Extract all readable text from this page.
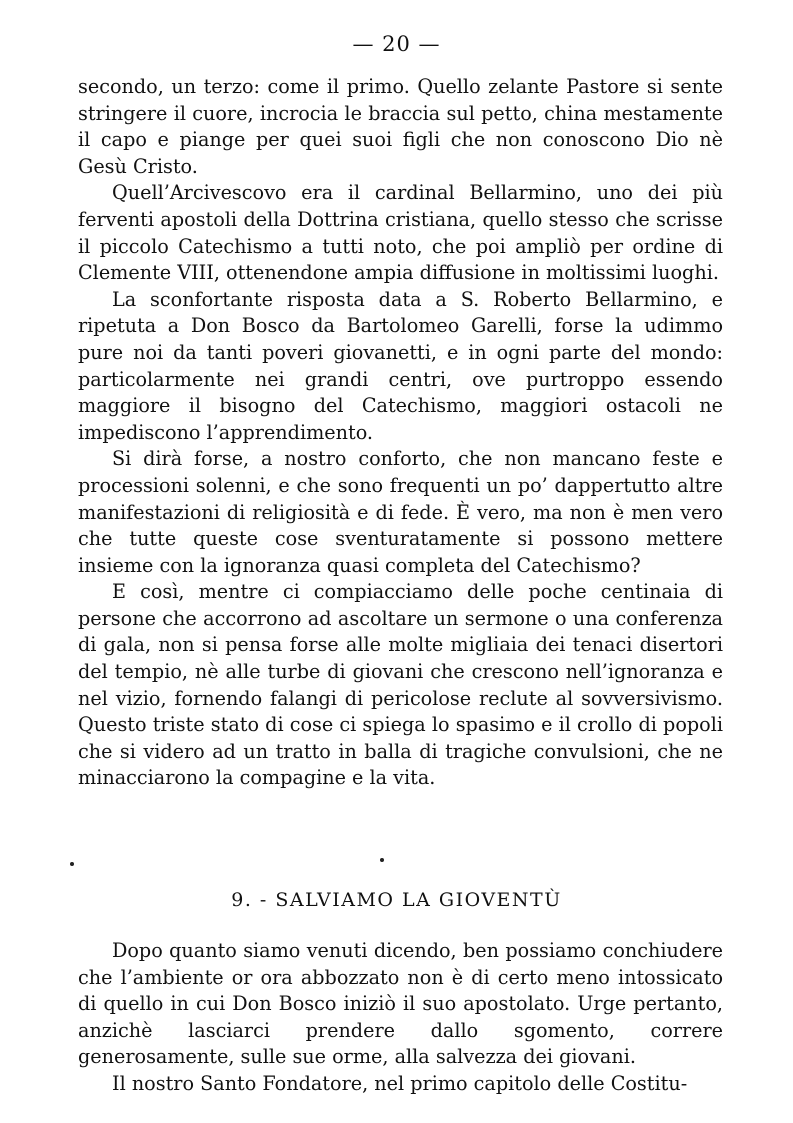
— 20 —

secondo, un terzo: come il primo. Quello zelante Pastore si sente stringere il cuore, incrocia le braccia sul petto, china mestamente il capo e piange per quei suoi figli che non conoscono Dio nè Gesù Cristo.

Quell’Arcivescovo era il cardinal Bellarmino, uno dei più ferventi apostoli della Dottrina cristiana, quello stesso che scrisse il piccolo Catechismo a tutti noto, che poi ampliò per ordine di Clemente VIII, ottenendone ampia diffusione in moltissimi luoghi.

La sconfortante risposta data a S. Roberto Bellarmino, e ripetuta a Don Bosco da Bartolomeo Garelli, forse la udimmo pure noi da tanti poveri giovanetti, e in ogni parte del mondo: particolarmente nei grandi centri, ove purtroppo essendo maggiore il bisogno del Catechismo, maggiori ostacoli ne impediscono l’apprendimento.

Si dirà forse, a nostro conforto, che non mancano feste e processioni solenni, e che sono frequenti un po’ dappertutto altre manifestazioni di religiosità e di fede. È vero, ma non è men vero che tutte queste cose sventuratamente si possono mettere insieme con la ignoranza quasi completa del Catechismo?

E così, mentre ci compiacciamo delle poche centinaia di persone che accorrono ad ascoltare un sermone o una conferenza di gala, non si pensa forse alle molte migliaia dei tenaci disertori del tempio, nè alle turbe di giovani che crescono nell’ignoranza e nel vizio, fornendo falangi di pericolose reclute al sovversivismo. Questo triste stato di cose ci spiega lo spasimo e il crollo di popoli che si videro ad un tratto in balla di tragiche convulsioni, che ne minacciarono la compagine e la vita.

9. - SALVIAMO LA GIOVENTÙ

Dopo quanto siamo venuti dicendo, ben possiamo conchiudere che l’ambiente or ora abbozzato non è di certo meno intossicato di quello in cui Don Bosco iniziò il suo apostolato. Urge pertanto, anzichè lasciarci prendere dallo sgomento, correre generosamente, sulle sue orme, alla salvezza dei giovani.

Il nostro Santo Fondatore, nel primo capitolo delle Costitu-
